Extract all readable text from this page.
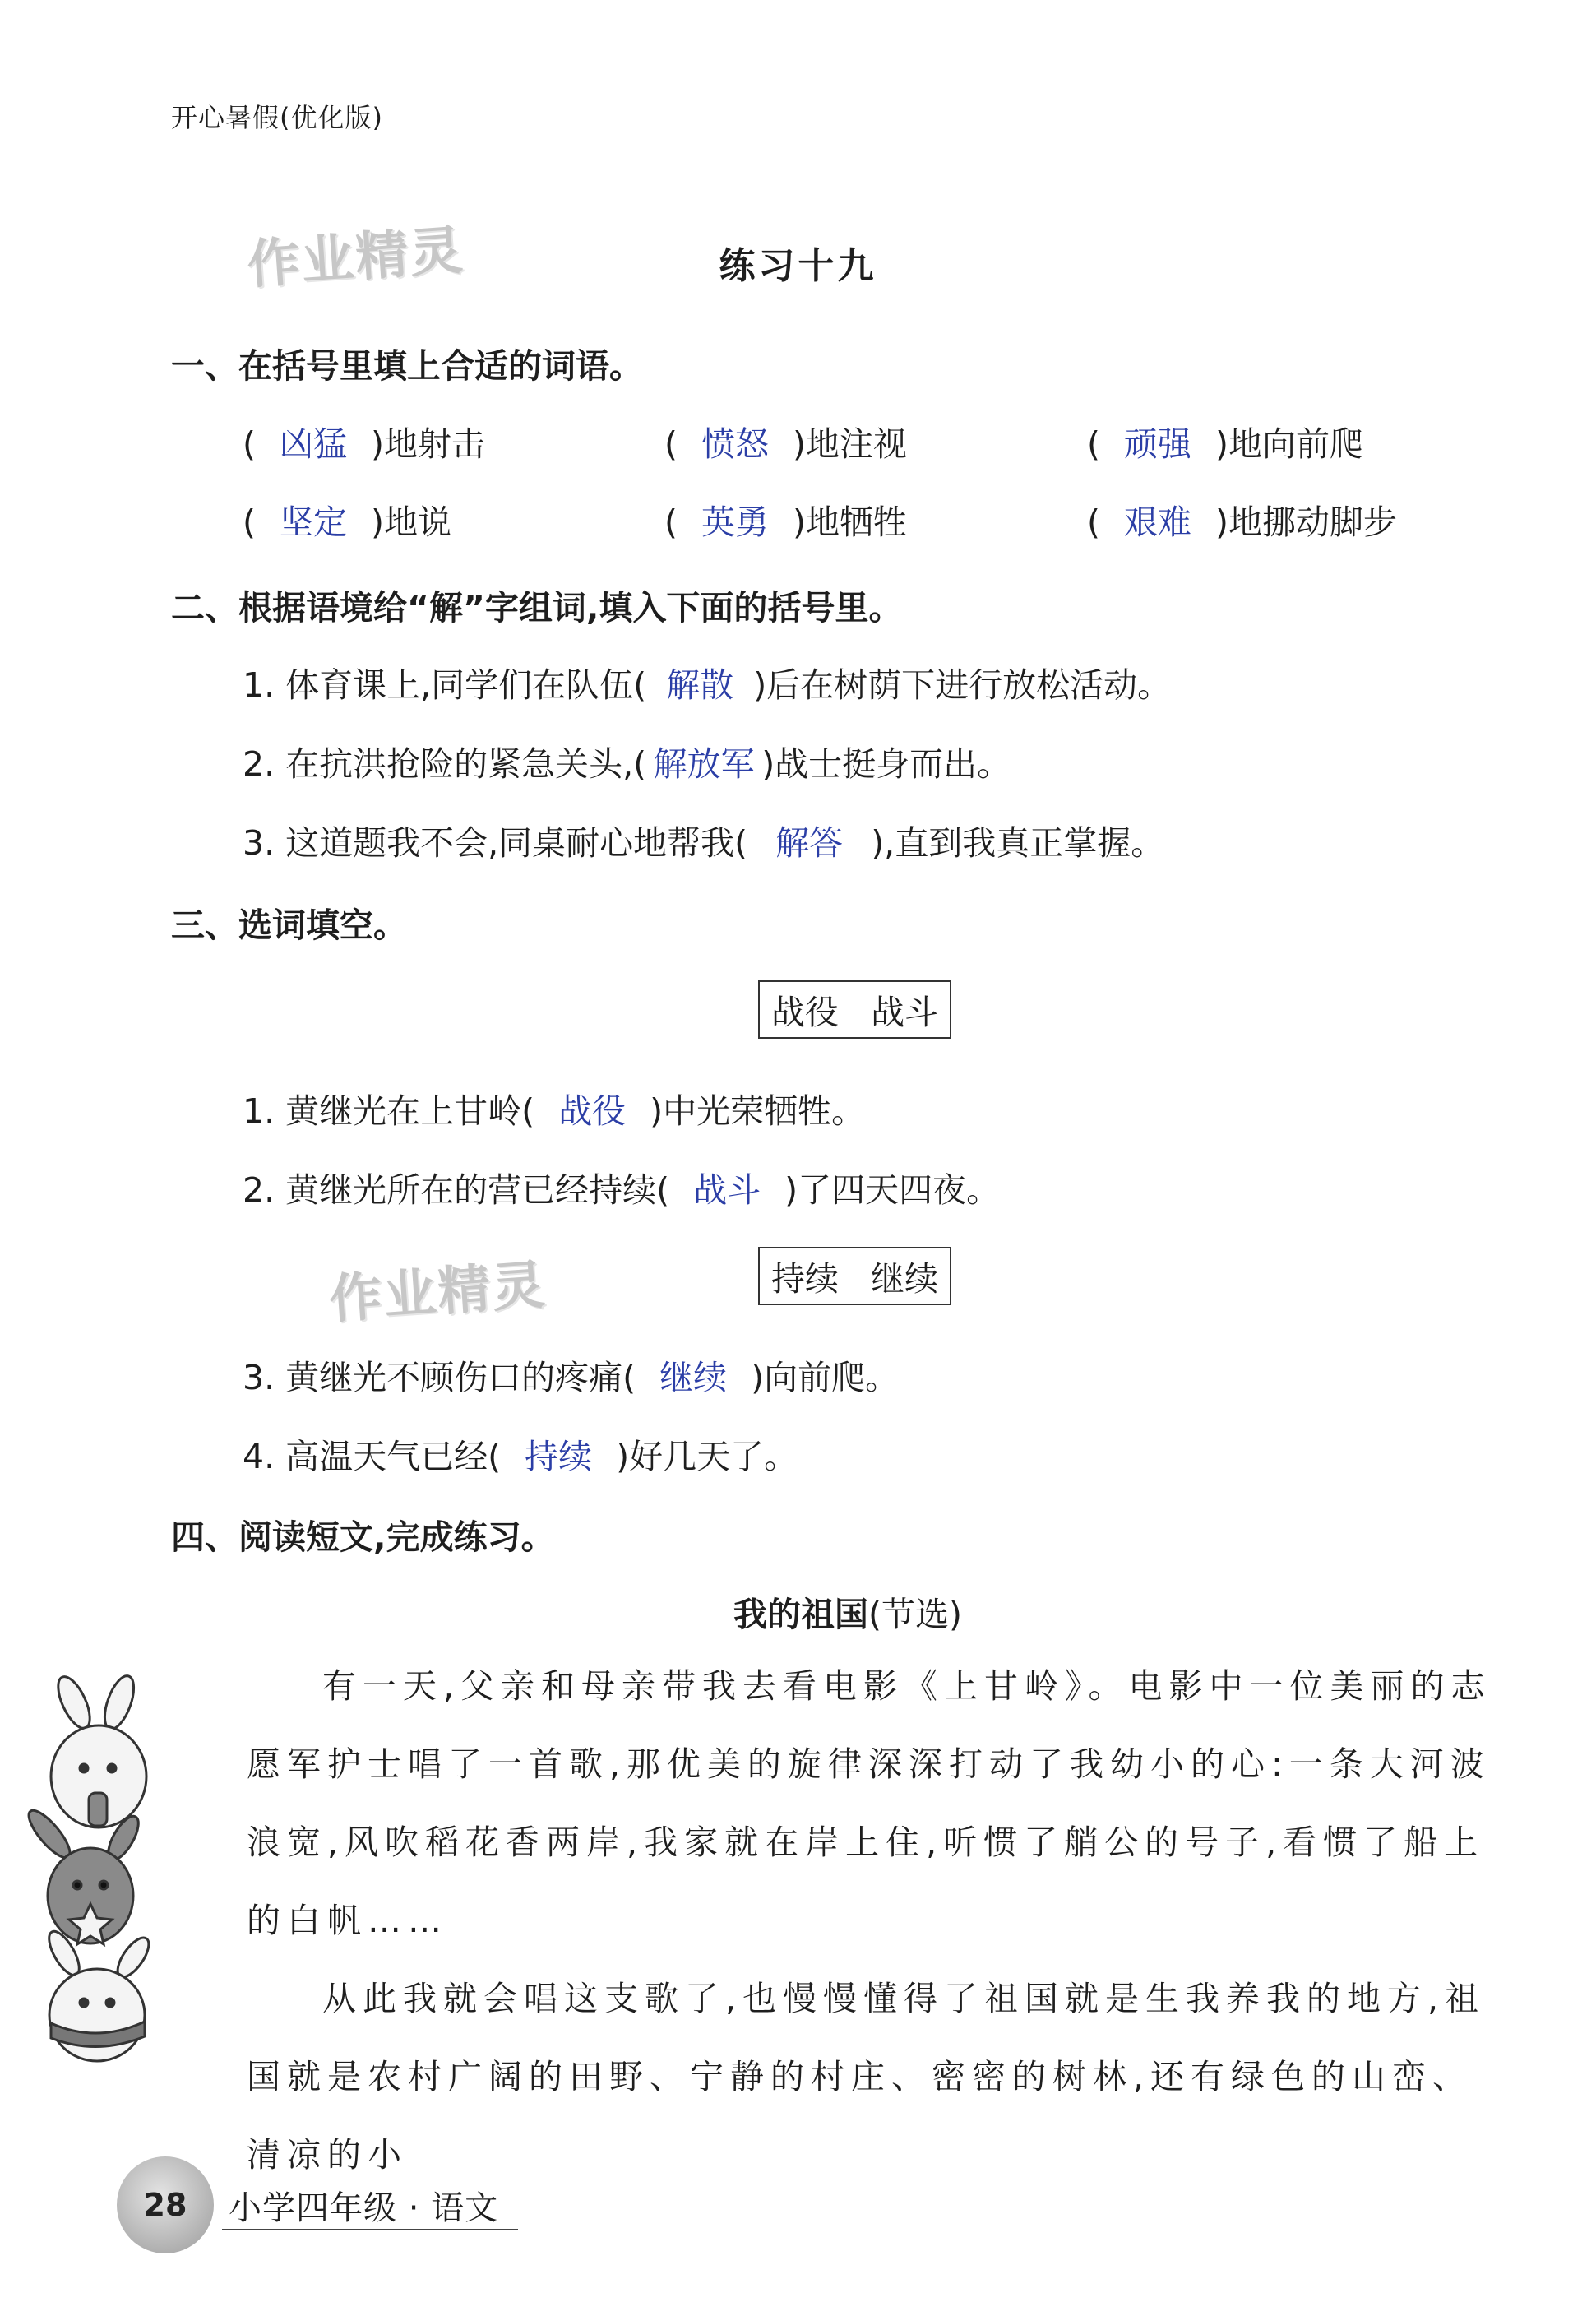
开心暑假(优化版)
作业精灵
作业精灵
练习十九
一、在括号里填上合适的词语。
( 凶猛 )地射击	( 愤怒 )地注视	( 顽强 )地向前爬
( 坚定 )地说	( 英勇 )地牺牲	( 艰难 )地挪动脚步
二、根据语境给“解”字组词,填入下面的括号里。
1. 体育课上,同学们在队伍( 解散 )后在树荫下进行放松活动。
2. 在抗洪抢险的紧急关头,( 解放军 )战士挺身而出。
3. 这道题我不会,同桌耐心地帮我( 解答 ),直到我真正掌握。
三、选词填空。
战役   战斗
1. 黄继光在上甘岭( 战役 )中光荣牺牲。
2. 黄继光所在的营已经持续( 战斗 )了四天四夜。
持续   继续
3. 黄继光不顾伤口的疼痛( 继续 )向前爬。
4. 高温天气已经( 持续 )好几天了。
四、阅读短文,完成练习。
我的祖国(节选)
有一天,父亲和母亲带我去看电影《上甘岭》。电影中一位美丽的志愿军护士唱了一首歌,那优美的旋律深深打动了我幼小的心:一条大河波浪宽,风吹稻花香两岸,我家就在岸上住,听惯了艄公的号子,看惯了船上的白帆……
从此我就会唱这支歌了,也慢慢懂得了祖国就是生我养我的地方,祖国就是农村广阔的田野、宁静的村庄、密密的树林,还有绿色的山峦、清凉的小
28	小学四年级 · 语文
